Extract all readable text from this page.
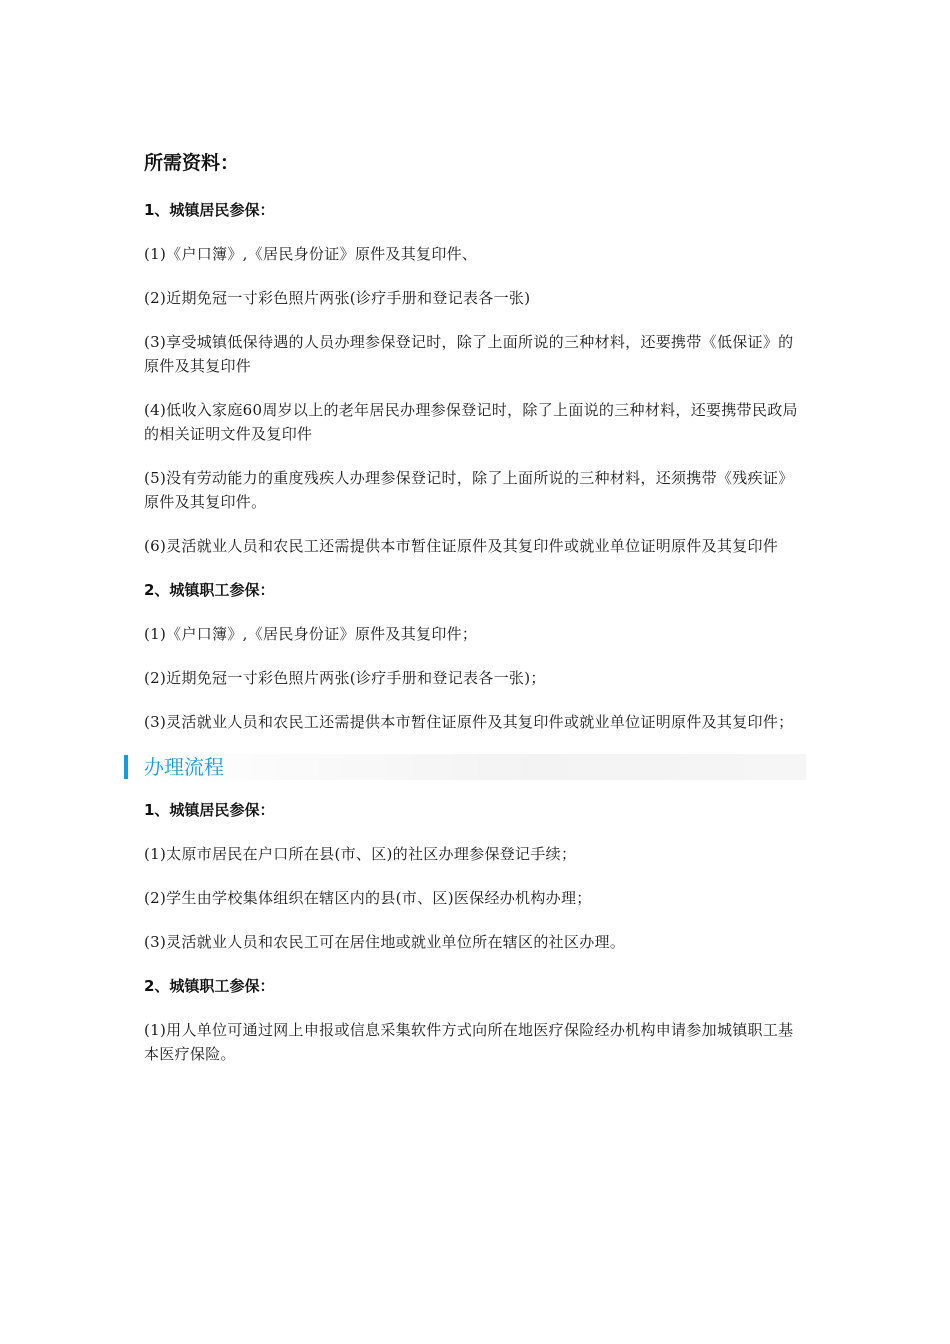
所需资料：
1、城镇居民参保：
(1)《户口簿》,《居民身份证》原件及其复印件、
(2)近期免冠一寸彩色照片两张(诊疗手册和登记表各一张)
(3)享受城镇低保待遇的人员办理参保登记时，除了上面所说的三种材料，还要携带《低保证》的原件及其复印件
(4)低收入家庭60周岁以上的老年居民办理参保登记时，除了上面说的三种材料，还要携带民政局的相关证明文件及复印件
(5)没有劳动能力的重度残疾人办理参保登记时，除了上面所说的三种材料，还须携带《残疾证》原件及其复印件。
(6)灵活就业人员和农民工还需提供本市暂住证原件及其复印件或就业单位证明原件及其复印件
2、城镇职工参保：
(1)《户口簿》,《居民身份证》原件及其复印件；
(2)近期免冠一寸彩色照片两张(诊疗手册和登记表各一张)；
(3)灵活就业人员和农民工还需提供本市暂住证原件及其复印件或就业单位证明原件及其复印件；
办理流程
1、城镇居民参保：
(1)太原市居民在户口所在县(市、区)的社区办理参保登记手续；
(2)学生由学校集体组织在辖区内的县(市、区)医保经办机构办理；
(3)灵活就业人员和农民工可在居住地或就业单位所在辖区的社区办理。
2、城镇职工参保：
(1)用人单位可通过网上申报或信息采集软件方式向所在地医疗保险经办机构申请参加城镇职工基本医疗保险。
